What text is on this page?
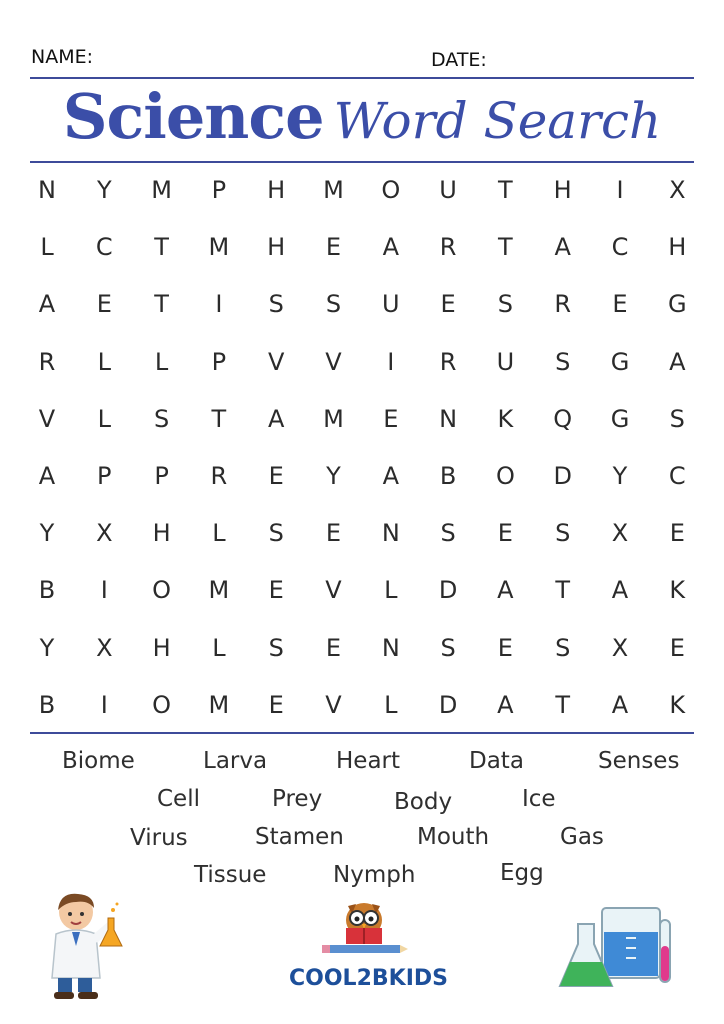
NAME:	DATE:
Science Word Search
N	Y	M	P	H	M	O	U	T	H	I	X
L	C	T	M	H	E	A	R	T	A	C	H
A	E	T	I	S	S	U	E	S	R	E	G
R	L	L	P	V	V	I	R	U	S	G	A
V	L	S	T	A	M	E	N	K	Q	G	S
A	P	P	R	E	Y	A	B	O	D	Y	C
Y	X	H	L	S	E	N	S	E	S	X	E
B	I	O	M	E	V	L	D	A	T	A	K
Y	X	H	L	S	E	N	S	E	S	X	E
B	I	O	M	E	V	L	D	A	T	A	K
Biome	Larva	Heart	Data	Senses
Cell	Prey	Body	Ice
Virus	Stamen	Mouth	Gas
Tissue	Nymph	Egg
COOL2BKIDS
